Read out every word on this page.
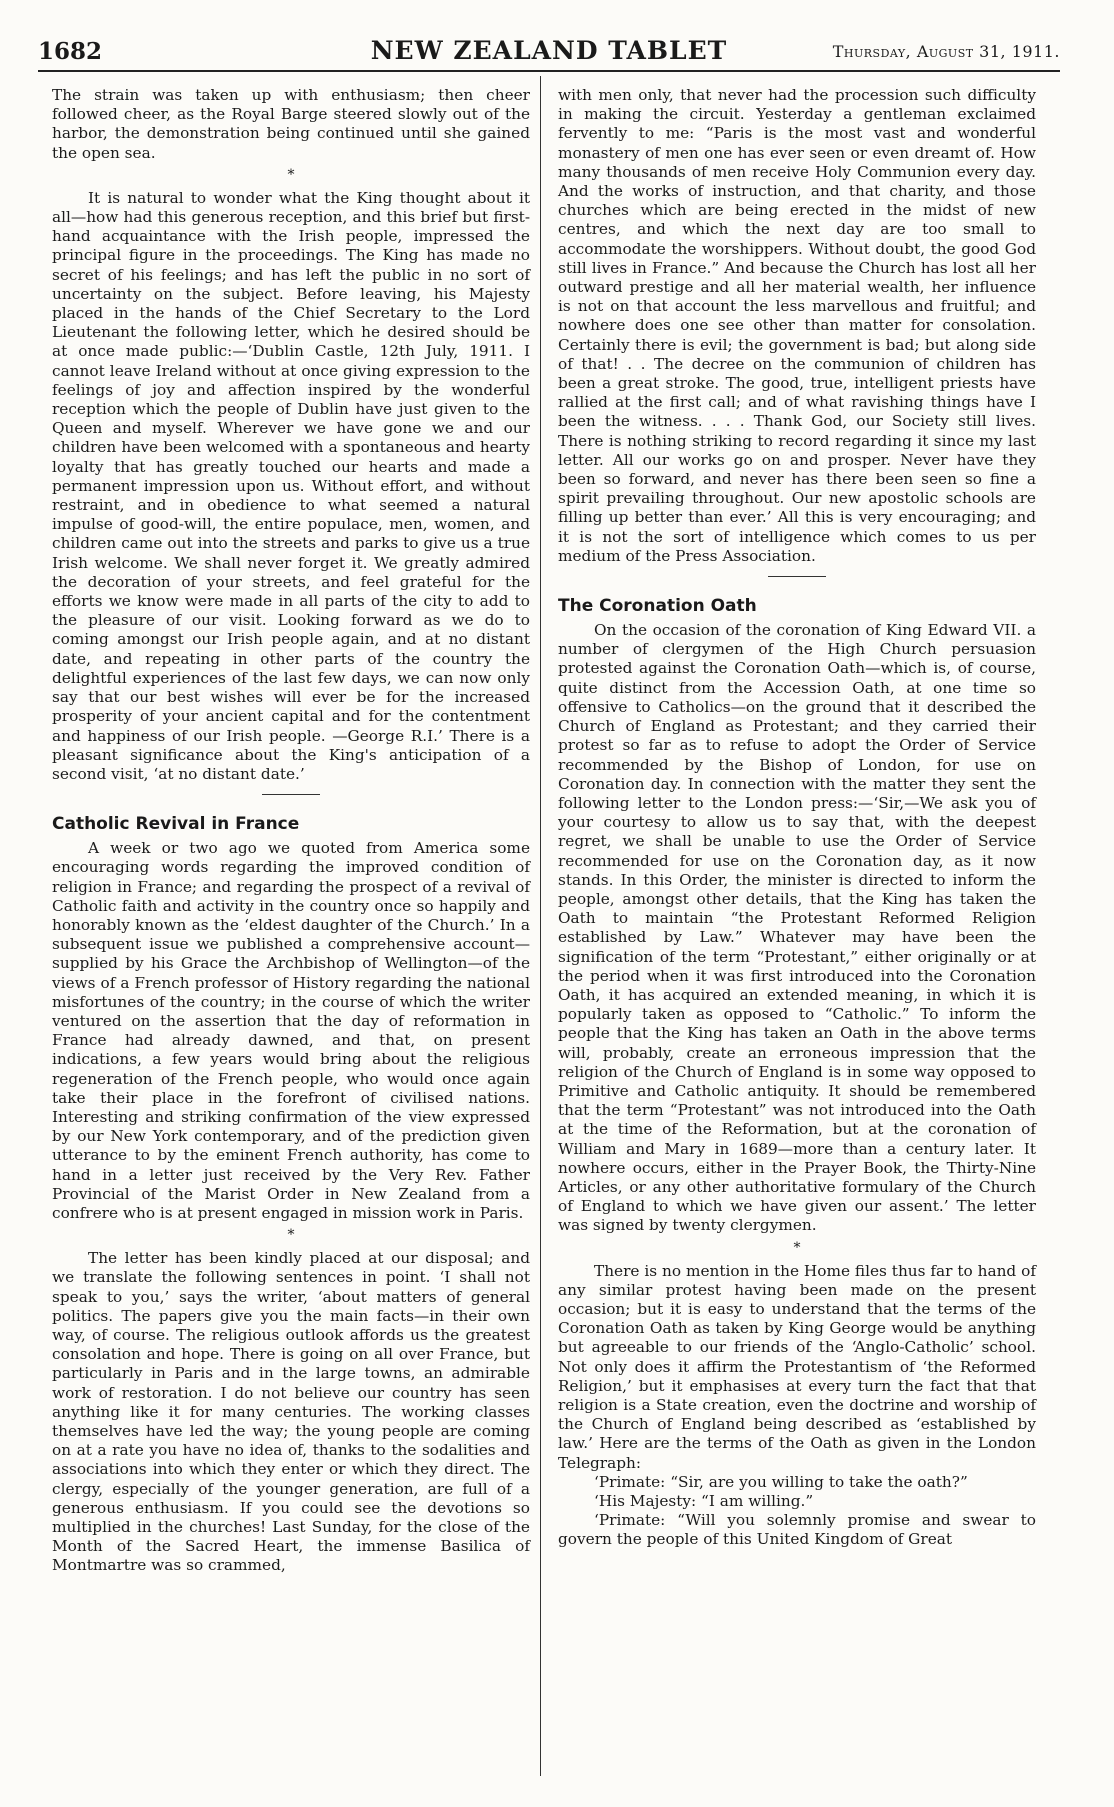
1682	NEW ZEALAND TABLET	Thursday, August 31, 1911.

The strain was taken up with enthusiasm; then cheer followed cheer, as the Royal Barge steered slowly out of the harbor, the demonstration being continued until she gained the open sea.

*

It is natural to wonder what the King thought about it all—how had this generous reception, and this brief but first-hand acquaintance with the Irish people, impressed the principal figure in the proceedings. The King has made no secret of his feelings; and has left the public in no sort of uncertainty on the subject. Before leaving, his Majesty placed in the hands of the Chief Secretary to the Lord Lieutenant the following letter, which he desired should be at once made public:—‘Dublin Castle, 12th July, 1911. I cannot leave Ireland without at once giving expression to the feelings of joy and affection inspired by the wonderful reception which the people of Dublin have just given to the Queen and myself. Wherever we have gone we and our children have been welcomed with a spontaneous and hearty loyalty that has greatly touched our hearts and made a permanent impression upon us. Without effort, and without restraint, and in obedience to what seemed a natural impulse of good-will, the entire populace, men, women, and children came out into the streets and parks to give us a true Irish welcome. We shall never forget it. We greatly admired the decoration of your streets, and feel grateful for the efforts we know were made in all parts of the city to add to the pleasure of our visit. Looking forward as we do to coming amongst our Irish people again, and at no distant date, and repeating in other parts of the country the delightful experiences of the last few days, we can now only say that our best wishes will ever be for the increased prosperity of your ancient capital and for the contentment and happiness of our Irish people. —George R.I.’ There is a pleasant significance about the King's anticipation of a second visit, ‘at no distant date.’

Catholic Revival in France

A week or two ago we quoted from America some encouraging words regarding the improved condition of religion in France; and regarding the prospect of a revival of Catholic faith and activity in the country once so happily and honorably known as the ‘eldest daughter of the Church.’ In a subsequent issue we published a comprehensive account—supplied by his Grace the Archbishop of Wellington—of the views of a French professor of History regarding the national misfortunes of the country; in the course of which the writer ventured on the assertion that the day of reformation in France had already dawned, and that, on present indications, a few years would bring about the religious regeneration of the French people, who would once again take their place in the forefront of civilised nations. Interesting and striking confirmation of the view expressed by our New York contemporary, and of the prediction given utterance to by the eminent French authority, has come to hand in a letter just received by the Very Rev. Father Provincial of the Marist Order in New Zealand from a confrere who is at present engaged in mission work in Paris.

*

The letter has been kindly placed at our disposal; and we translate the following sentences in point. ‘I shall not speak to you,’ says the writer, ‘about matters of general politics. The papers give you the main facts—in their own way, of course. The religious outlook affords us the greatest consolation and hope. There is going on all over France, but particularly in Paris and in the large towns, an admirable work of restoration. I do not believe our country has seen anything like it for many centuries. The working classes themselves have led the way; the young people are coming on at a rate you have no idea of, thanks to the sodalities and associations into which they enter or which they direct. The clergy, especially of the younger generation, are full of a generous enthusiasm. If you could see the devotions so multiplied in the churches! Last Sunday, for the close of the Month of the Sacred Heart, the immense Basilica of Montmartre was so crammed,

with men only, that never had the procession such difficulty in making the circuit. Yesterday a gentleman exclaimed fervently to me: “Paris is the most vast and wonderful monastery of men one has ever seen or even dreamt of. How many thousands of men receive Holy Communion every day. And the works of instruction, and that charity, and those churches which are being erected in the midst of new centres, and which the next day are too small to accommodate the worshippers. Without doubt, the good God still lives in France.” And because the Church has lost all her outward prestige and all her material wealth, her influence is not on that account the less marvellous and fruitful; and nowhere does one see other than matter for consolation. Certainly there is evil; the government is bad; but along side of that! . . The decree on the communion of children has been a great stroke. The good, true, intelligent priests have rallied at the first call; and of what ravishing things have I been the witness. . . . Thank God, our Society still lives. There is nothing striking to record regarding it since my last letter. All our works go on and prosper. Never have they been so forward, and never has there been seen so fine a spirit prevailing throughout. Our new apostolic schools are filling up better than ever.’ All this is very encouraging; and it is not the sort of intelligence which comes to us per medium of the Press Association.

The Coronation Oath

On the occasion of the coronation of King Edward VII. a number of clergymen of the High Church persuasion protested against the Coronation Oath—which is, of course, quite distinct from the Accession Oath, at one time so offensive to Catholics—on the ground that it described the Church of England as Protestant; and they carried their protest so far as to refuse to adopt the Order of Service recommended by the Bishop of London, for use on Coronation day. In connection with the matter they sent the following letter to the London press:—‘Sir,—We ask you of your courtesy to allow us to say that, with the deepest regret, we shall be unable to use the Order of Service recommended for use on the Coronation day, as it now stands. In this Order, the minister is directed to inform the people, amongst other details, that the King has taken the Oath to maintain “the Protestant Reformed Religion established by Law.” Whatever may have been the signification of the term “Protestant,” either originally or at the period when it was first introduced into the Coronation Oath, it has acquired an extended meaning, in which it is popularly taken as opposed to “Catholic.” To inform the people that the King has taken an Oath in the above terms will, probably, create an erroneous impression that the religion of the Church of England is in some way opposed to Primitive and Catholic antiquity. It should be remembered that the term “Protestant” was not introduced into the Oath at the time of the Reformation, but at the coronation of William and Mary in 1689—more than a century later. It nowhere occurs, either in the Prayer Book, the Thirty-Nine Articles, or any other authoritative formulary of the Church of England to which we have given our assent.’ The letter was signed by twenty clergymen.

*

There is no mention in the Home files thus far to hand of any similar protest having been made on the present occasion; but it is easy to understand that the terms of the Coronation Oath as taken by King George would be anything but agreeable to our friends of the ‘Anglo-Catholic’ school. Not only does it affirm the Protestantism of ‘the Reformed Religion,’ but it emphasises at every turn the fact that that religion is a State creation, even the doctrine and worship of the Church of England being described as ‘established by law.’ Here are the terms of the Oath as given in the London Telegraph:

‘Primate: “Sir, are you willing to take the oath?”

‘His Majesty: “I am willing.”

‘Primate: “Will you solemnly promise and swear to govern the people of this United Kingdom of Great
